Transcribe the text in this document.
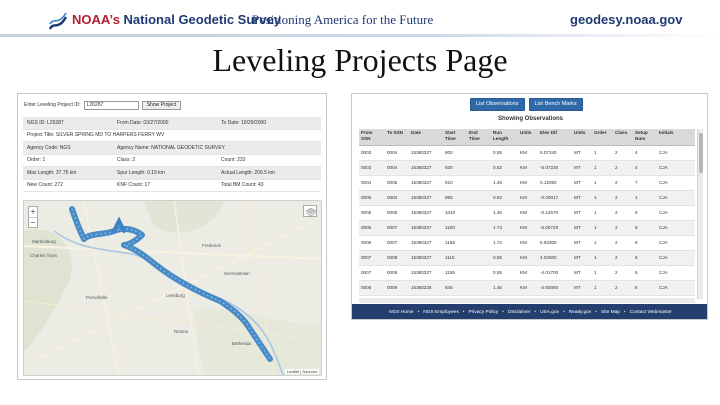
NOAA’s National Geodetic Survey
Positioning America for the Future	geodesy.noaa.gov
Leveling Projects Page
Enter Leveling Project ID:	L26287	Show Project
NGS ID: L26287	From Date: 03/27/2000	To Date: 10/29/2000
Project Title: SILVER SPRING MD TO HARPERS FERRY WV
Agency Code: NGS	Agency Name: NATIONAL GEODETIC SURVEY
Order: 1	Class: 2	Count: 233
Max Length: 37.75 km	Spur Length: 0.19 km	Actual Length: 209.5 km
New Count: 272	KNF Count: 17	Total BM Count: 43
+
−
Martinsburg
Charles Town
Frederick
Germantown
Purcellville	Leesburg
Reston
Bethesda
Leaflet | Sources
List Observations	List Bench Marks
Showing Observations
From SSN	To SSN	Date	Start Time	End Time	Run Length	Units	Elev Dif	Units	Order	Class	Setup Num	Initials
0003	0004	15380327	800		0.55	KM	5.07240	MT	1	2	4	CJA
0003	0004	15380327	930		0.52	KM	-5.07230	MT	1	2	4	CJA
0004	0005	15380327	910		1.45	KM	0.12050	MT	1	2	7	CJA
0005	0004	15380327	955		0.52	KM	-0.00017	MT	1	2	1	CJA
0005	0006	15380327	1040		1.45	KM	-0.12570	MT	1	2	6	CJA
0006	0007	15380327	1100		1.74	KM	-5.00720	MT	1	2	6	CJA
0006	0007	15380327	1155		1.72	KM	5.93300	MT	1	2	8	CJA
0007	0008	15380327	1115		0.55	KM	4.02500	MT	1	2	6	CJA
0007	0008	15380327	1155		0.55	KM	-4.01700	MT	1	2	6	CJA
0008	0009	15380328	845		1.46	KM	-4.60060	MT	1	2	6	CJA
NGS Home • NGS Employees • Privacy Policy • Disclaimer • USA.gov • Ready.gov • Site Map • Contact Webmaster
